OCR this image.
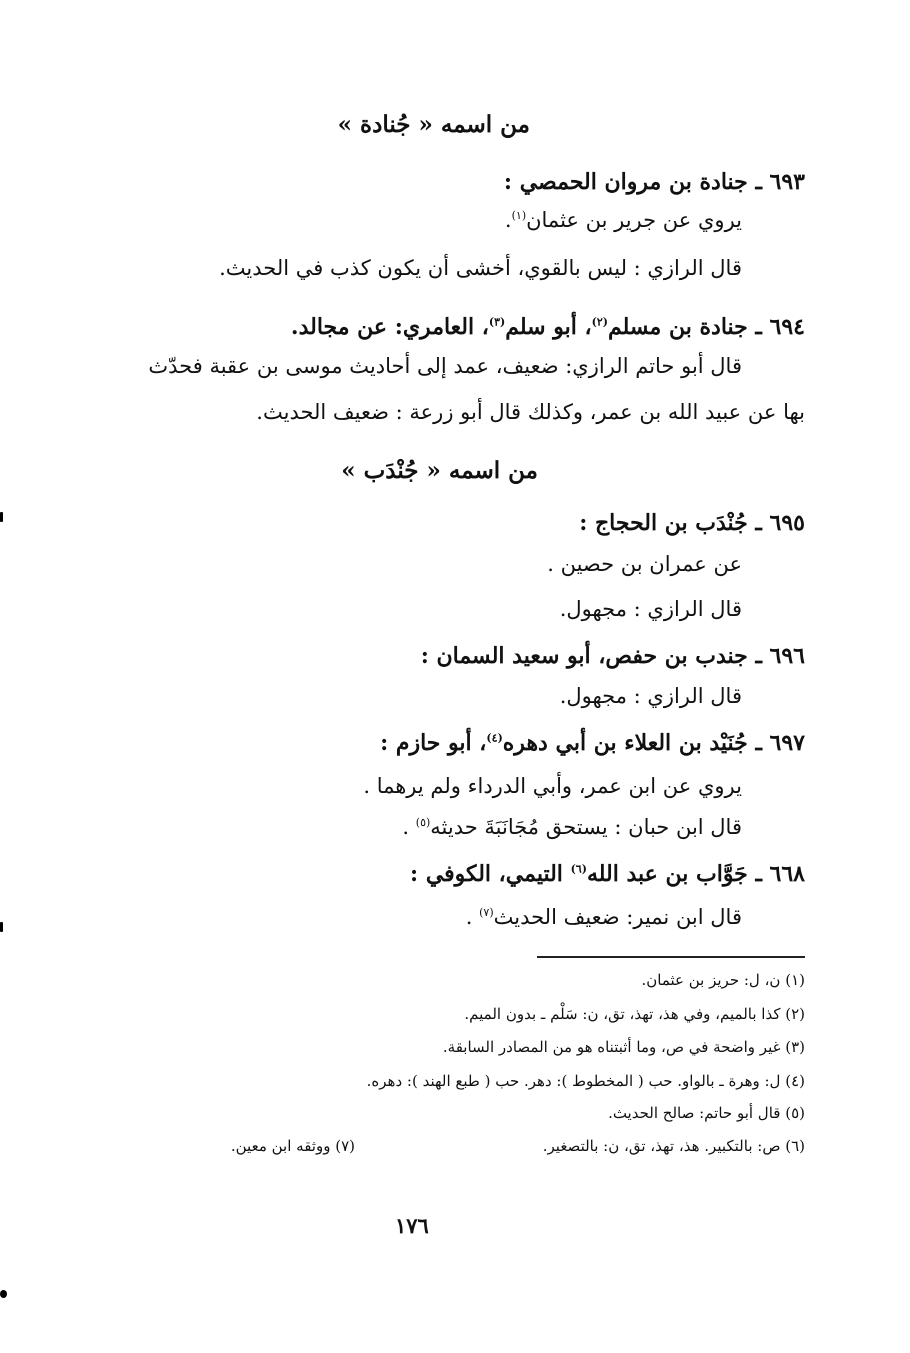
من اسمه « جُنادة »
٦٩٣ ـ جنادة بن مروان الحمصي :
يروي عن جرير بن عثمان$^{(١)}$.
قال الرازي : ليس بالقوي، أخشى أن يكون كذب في الحديث.
٦٩٤ ـ جنادة بن مسلم$^{(٢)}$، أبو سلم$^{(٣)}$، العامري: عن مجالد.
قال أبو حاتم الرازي: ضعيف، عمد إلى أحاديث موسى بن عقبة فحدّث
بها عن عبيد الله بن عمر، وكذلك قال أبو زرعة : ضعيف الحديث.
من اسمه « جُنْدَب »
٦٩٥ ـ جُنْدَب بن الحجاج :
عن عمران بن حصين .
قال الرازي : مجهول.
٦٩٦ ـ جندب بن حفص، أبو سعيد السمان :
قال الرازي : مجهول.
٦٩٧ ـ جُنَيْد بن العلاء بن أبي دهره$^{(٤)}$، أبو حازم :
يروي عن ابن عمر، وأبي الدرداء ولم يرهما .
قال ابن حبان : يستحق مُجَانَبَةَ حديثه$^{(٥)}$ .
٦٦٨ ـ جَوَّاب بن عبد الله$^{(٦)}$ التيمي، الكوفي :
قال ابن نمير: ضعيف الحديث$^{(٧)}$ .
(١) ن، ل: حريز بن عثمان.
(٢) كذا بالميم، وفي هذ، تهذ، تق، ن: سَلْم ـ بدون الميم.
(٣) غير واضحة في ص، وما أثبتناه هو من المصادر السابقة.
(٤) ل: وهرة ـ بالواو. حب ( المخطوط ): دهر. حب ( طبع الهند ): دهره.
(٥) قال أبو حاتم: صالح الحديث.
(٦) ص: بالتكبير. هذ، تهذ، تق، ن: بالتصغير.
(٧) ووثقه ابن معين.
١٧٦
